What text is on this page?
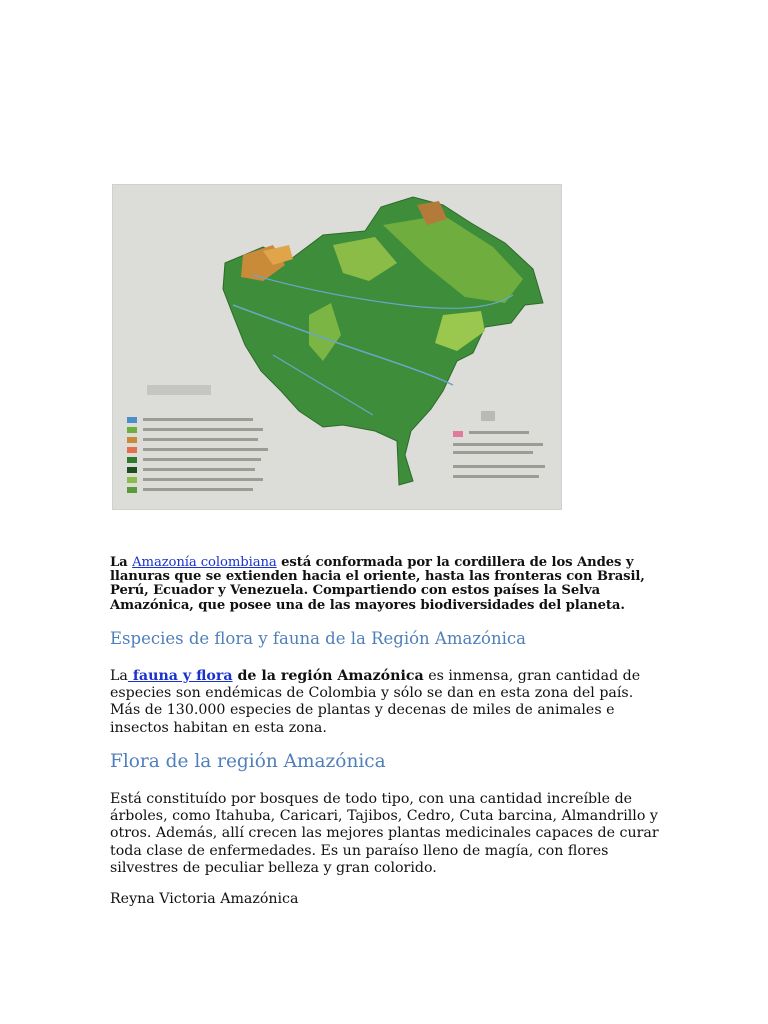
La Amazonía colombiana está conformada por la cordillera de los Andes y llanuras que se extienden hacia el oriente, hasta las fronteras con Brasil, Perú, Ecuador y Venezuela. Compartiendo con estos países la Selva Amazónica, que posee una de las mayores biodiversidades del planeta.
Especies de flora y fauna de la Región Amazónica
La fauna y flora de la región Amazónica es inmensa, gran cantidad de especies son endémicas de Colombia y sólo se dan en esta zona del país. Más de 130.000 especies de plantas y decenas de miles de animales e insectos habitan en esta zona.
Flora de la región Amazónica
Está constituído por bosques de todo tipo, con una cantidad increíble de árboles, como Itahuba, Caricari, Tajibos, Cedro, Cuta barcina, Almandrillo y otros. Además, allí crecen las mejores plantas medicinales capaces de curar toda clase de enfermedades. Es un paraíso lleno de magía, con flores silvestres de peculiar belleza y gran colorido.
Reyna Victoria Amazónica
